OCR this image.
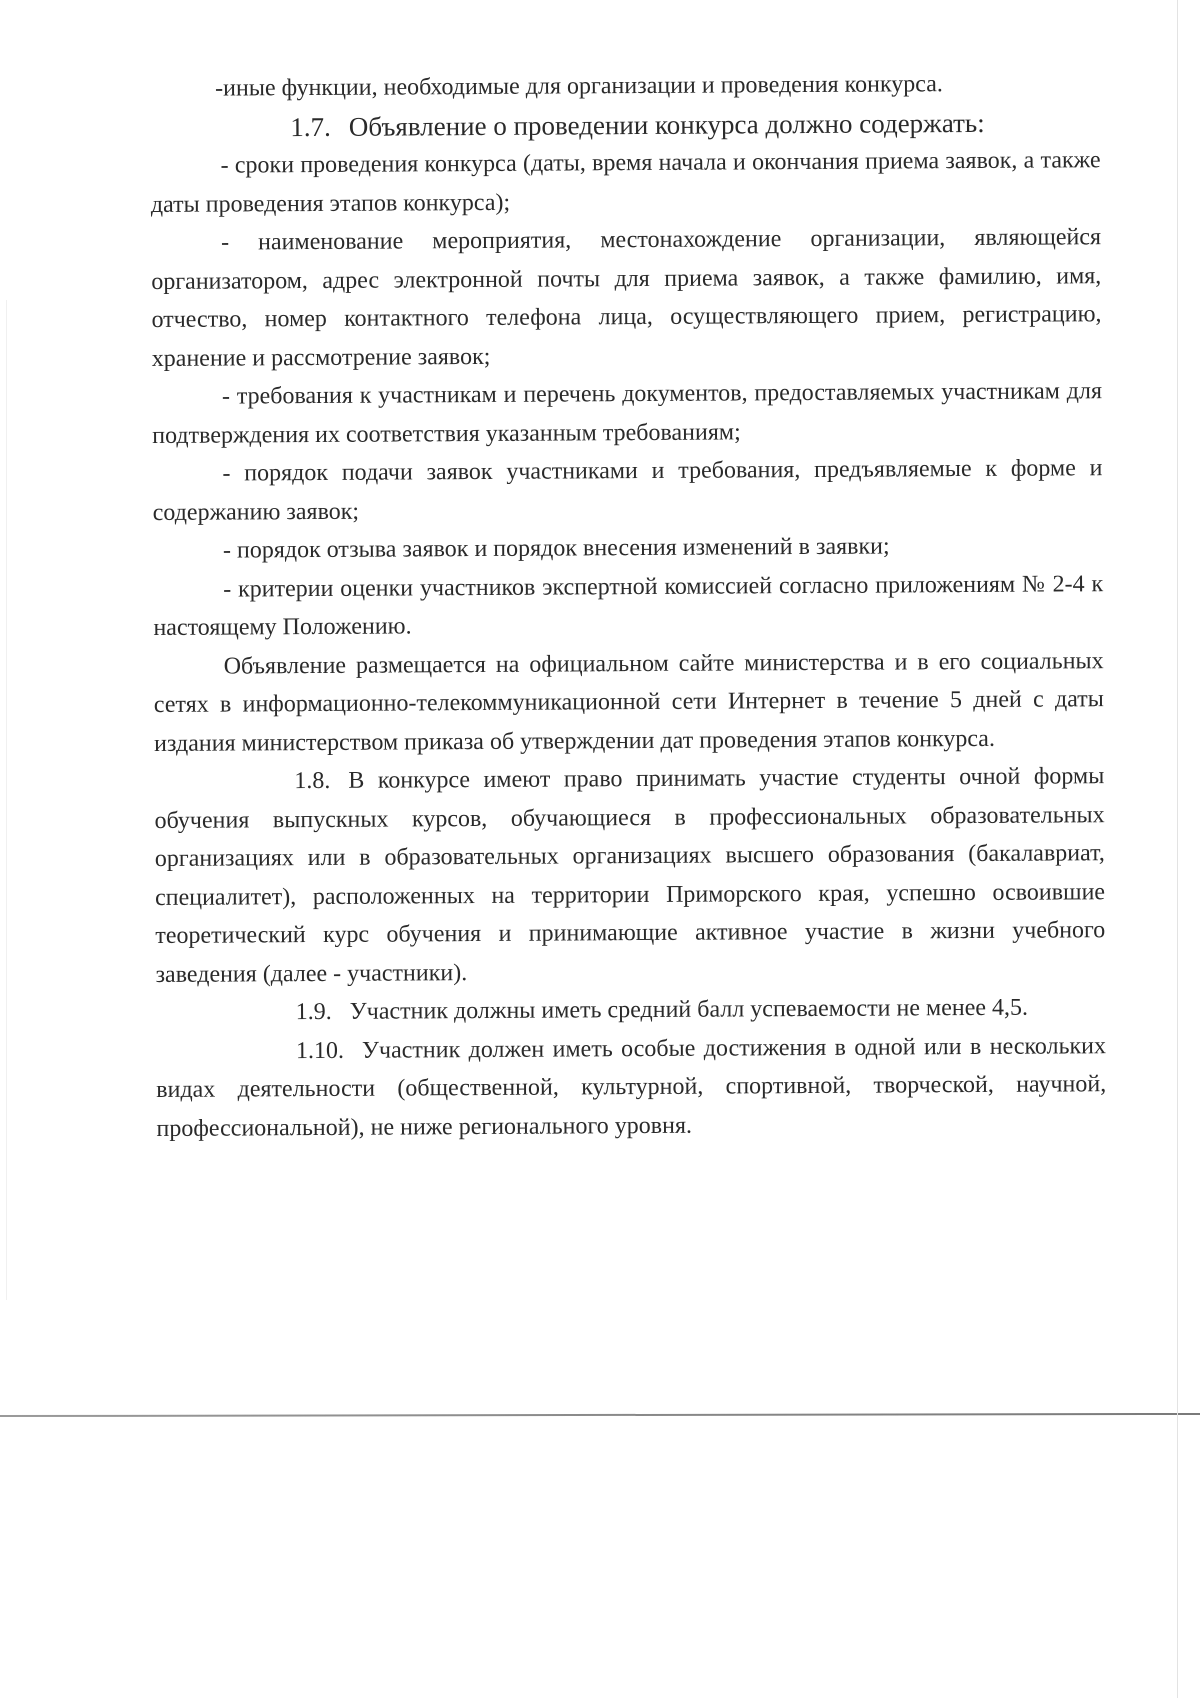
-иные функции, необходимые для организации и проведения конкурса.

1.7. Объявление о проведении конкурса должно содержать:

- сроки проведения конкурса (даты, время начала и окончания приема заявок, а также даты проведения этапов конкурса);

- наименование мероприятия, местонахождение организации, являющейся организатором, адрес электронной почты для приема заявок, а также фамилию, имя, отчество, номер контактного телефона лица, осуществляющего прием, регистрацию, хранение и рассмотрение заявок;

- требования к участникам и перечень документов, предоставляемых участникам для подтверждения их соответствия указанным требованиям;

- порядок подачи заявок участниками и требования, предъявляемые к форме и содержанию заявок;

- порядок отзыва заявок и порядок внесения изменений в заявки;

- критерии оценки участников экспертной комиссией согласно приложениям № 2-4 к настоящему Положению.

Объявление размещается на официальном сайте министерства и в его социальных сетях в информационно-телекоммуникационной сети Интернет в течение 5 дней с даты издания министерством приказа об утверждении дат проведения этапов конкурса.

1.8. В конкурсе имеют право принимать участие студенты очной формы обучения выпускных курсов, обучающиеся в профессиональных образовательных организациях или в образовательных организациях высшего образования (бакалавриат, специалитет), расположенных на территории Приморского края, успешно освоившие теоретический курс обучения и принимающие активное участие в жизни учебного заведения (далее - участники).

1.9. Участник должны иметь средний балл успеваемости не менее 4,5.

1.10. Участник должен иметь особые достижения в одной или в нескольких видах деятельности (общественной, культурной, спортивной, творческой, научной, профессиональной), не ниже регионального уровня.
